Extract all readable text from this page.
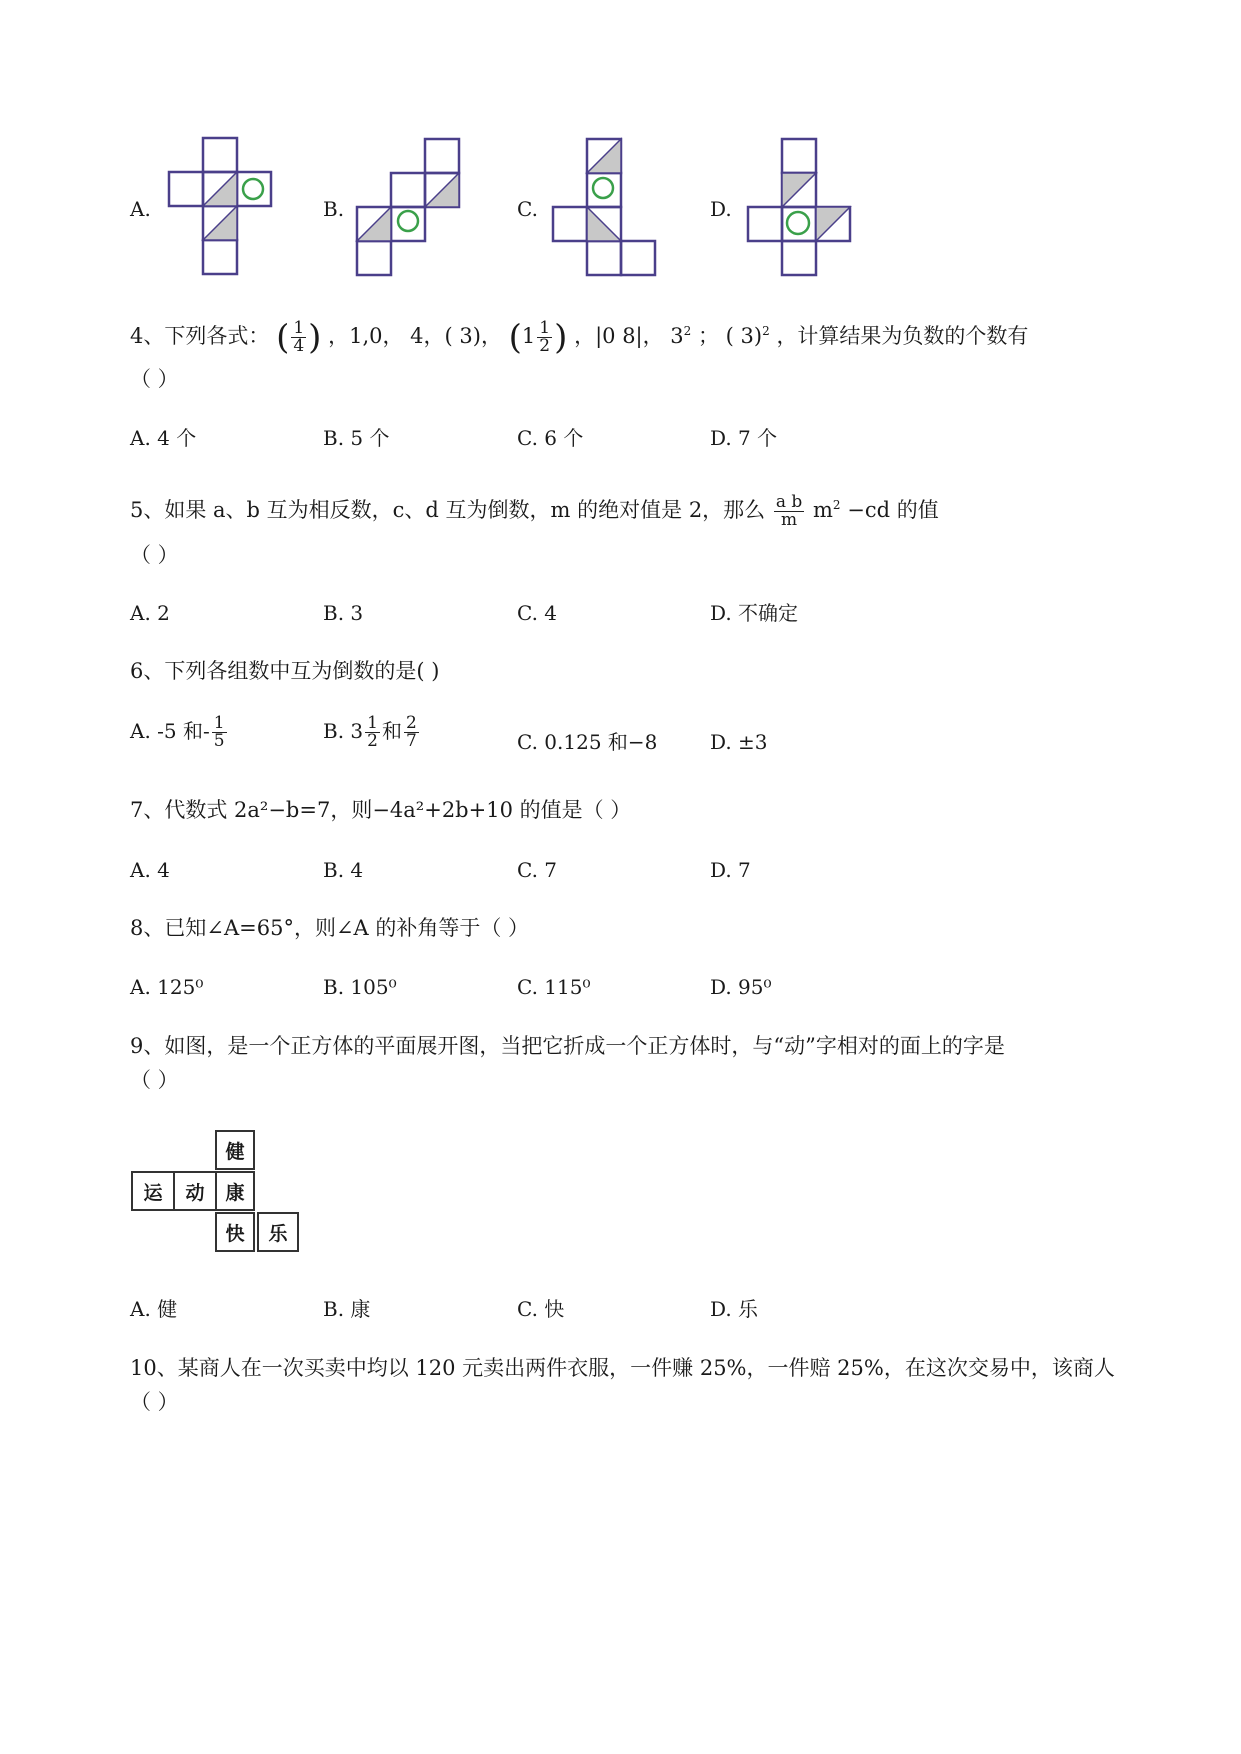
A.	B.	C.	D.
4、下列各式： ( $\frac{1}{4}$ ) ，1,0， 4，( 3)， ($1 \frac{1}{2}$ ) ，|0 8|， $3^2$ ； ( 3)$^2$ ，计算结果为负数的个数有
（ ）
A. 4 个	B. 5 个	C. 6 个	D. 7 个
5、如果 a、b 互为相反数，c、d 互为倒数，m 的绝对值是 2，那么 $\frac{\text{a b}}{m} m^2 -cd$ 的值
（ ）
A. 2	B. 3	C. 4	D. 不确定
6、下列各组数中互为倒数的是( )
A. -5 和- $\frac{1}{5}$	B. $3 \frac{1}{2}$ 和 $\frac{2}{7}$	C. 0.125 和−8	D. ±3
7、代数式 2a²−b=7，则−4a²+2b+10 的值是（ ）
A. 4	B. 4	C. 7	D. 7
8、已知∠A=65°，则∠A 的补角等于（ ）
A. 125⁰	B. 105⁰	C. 115⁰	D. 95⁰
9、如图，是一个正方体的平面展开图，当把它折成一个正方体时，与“动”字相对的面上的字是
（ ）
健
运	动	康
快	乐
A. 健	B. 康	C. 快	D. 乐
10、某商人在一次买卖中均以 120 元卖出两件衣服，一件赚 25%，一件赔 25%，在这次交易中，该商人
（ ）
